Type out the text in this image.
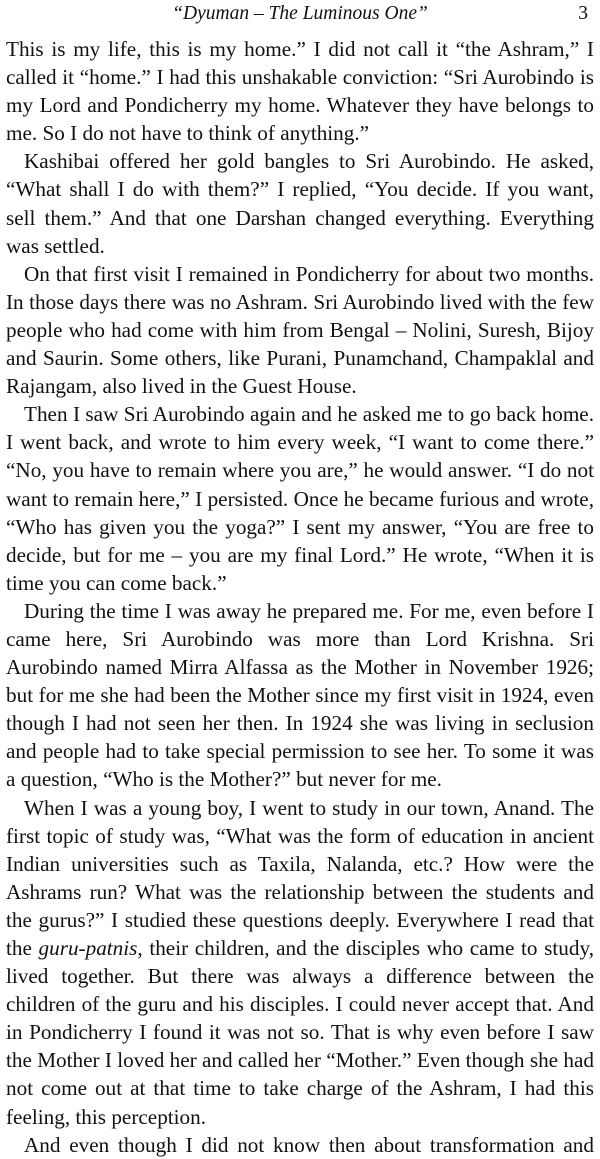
“Dyuman – The Luminous One”	3

This is my life, this is my home.” I did not call it “the Ashram,” I called it “home.” I had this unshakable conviction: “Sri Aurobindo is my Lord and Pondicherry my home. Whatever they have belongs to me. So I do not have to think of anything.”

Kashibai offered her gold bangles to Sri Aurobindo. He asked, “What shall I do with them?” I replied, “You decide. If you want, sell them.” And that one Darshan changed everything. Everything was settled.

On that first visit I remained in Pondicherry for about two months. In those days there was no Ashram. Sri Aurobindo lived with the few people who had come with him from Bengal – Nolini, Suresh, Bijoy and Saurin. Some others, like Purani, Punamchand, Champaklal and Rajangam, also lived in the Guest House.

Then I saw Sri Aurobindo again and he asked me to go back home. I went back, and wrote to him every week, “I want to come there.” “No, you have to remain where you are,” he would answer. “I do not want to remain here,” I persisted. Once he became furious and wrote, “Who has given you the yoga?” I sent my answer, “You are free to decide, but for me – you are my final Lord.” He wrote, “When it is time you can come back.”

During the time I was away he prepared me. For me, even before I came here, Sri Aurobindo was more than Lord Krishna. Sri Aurobindo named Mirra Alfassa as the Mother in November 1926; but for me she had been the Mother since my first visit in 1924, even though I had not seen her then. In 1924 she was living in seclusion and people had to take special permission to see her. To some it was a question, “Who is the Mother?” but never for me.

When I was a young boy, I went to study in our town, Anand. The first topic of study was, “What was the form of education in ancient Indian universities such as Taxila, Nalanda, etc.? How were the Ashrams run? What was the relationship between the students and the gurus?” I studied these questions deeply. Everywhere I read that the guru-patnis, their children, and the disciples who came to study, lived together. But there was always a difference between the children of the guru and his disciples. I could never accept that. And in Pondicherry I found it was not so. That is why even before I saw the Mother I loved her and called her “Mother.” Even though she had not come out at that time to take charge of the Ashram, I had this feeling, this perception.

And even though I did not know then about transformation and
